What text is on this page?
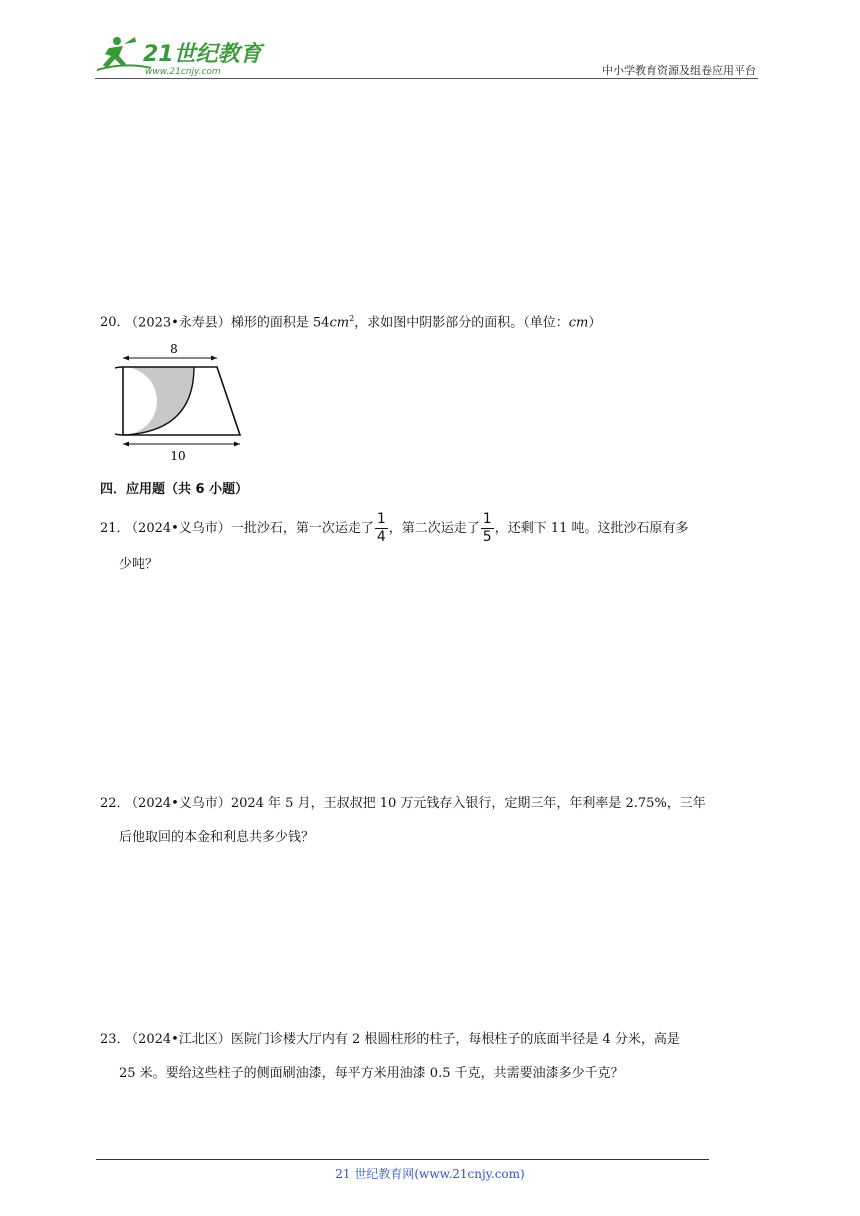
21世纪教育
www.21cnjy.com	中小学教育资源及组卷应用平台
20． （2023•永寿县）梯形的面积是 $54cm^2$，求如图中阴影部分的面积。（单位：cm）
8
10
四．应用题（共 6 小题）
21． （2024•义乌市）一批沙石，第一次运走了 $\frac{1}{4}$ ，第二次运走了 $\frac{1}{5}$ ，还剩下 11 吨。这批沙石原有多
少吨？
22． （2024•义乌市）2024 年 5 月，王叔叔把 10 万元钱存入银行，定期三年，年利率是 2.75%，三年
后他取回的本金和利息共多少钱？
23． （2024•江北区）医院门诊楼大厅内有 2 根圆柱形的柱子，每根柱子的底面半径是 4 分米，高是
25 米。要给这些柱子的侧面刷油漆，每平方米用油漆 0.5 千克，共需要油漆多少千克？
21 世纪教育网(www.21cnjy.com)
